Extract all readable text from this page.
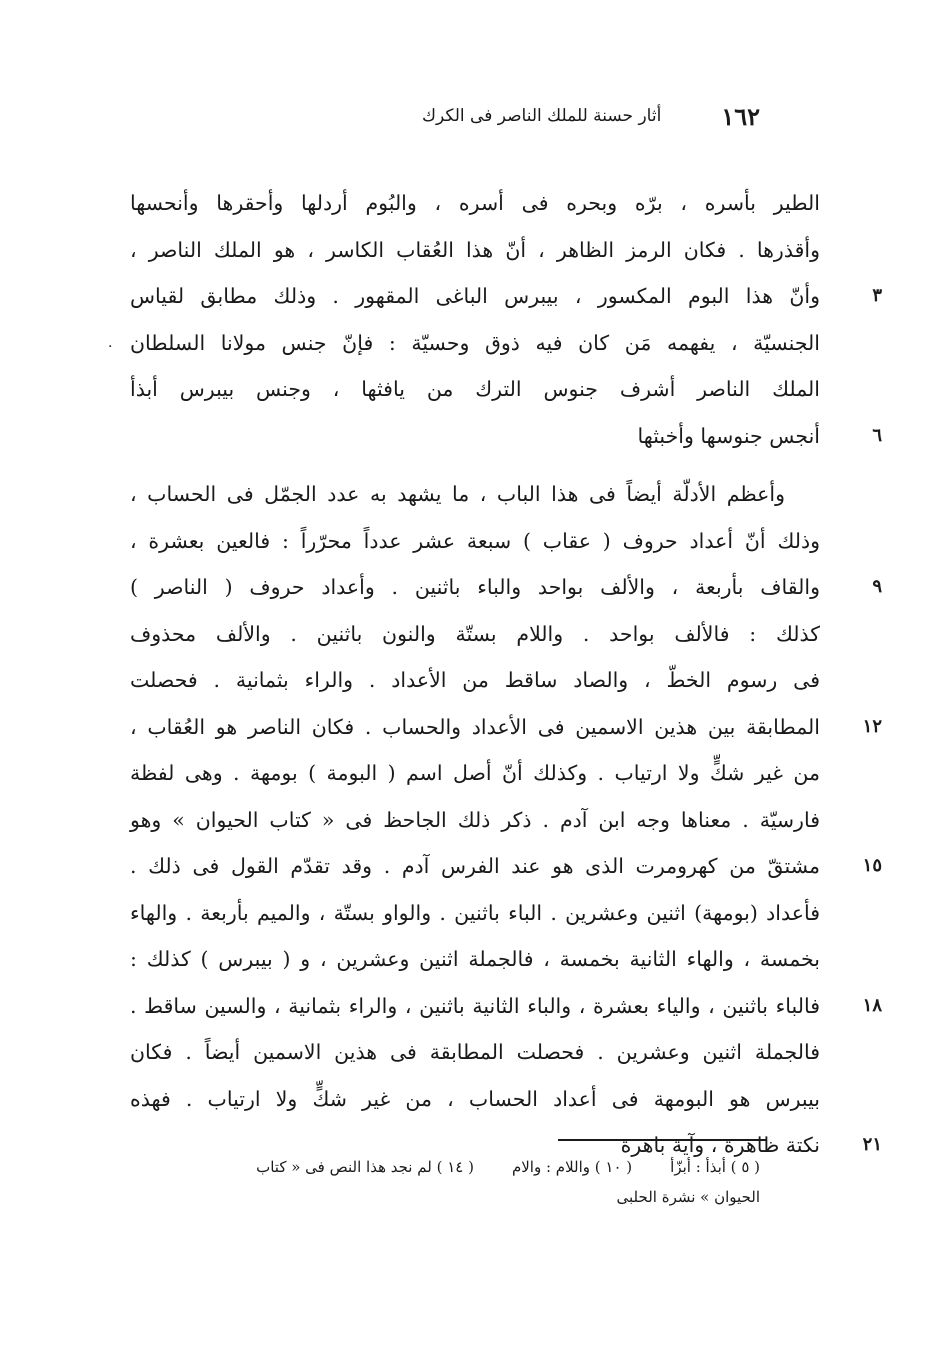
١٦٢
أثار حسنة للملك الناصر فى الكرك
الطير بأسره ، برّه وبحره فى أسره ، والبُوم أردلها وأحقرها وأنحسها
وأقذرها . فكان الرمز الظاهر ، أنّ هذا العُقاب الكاسر ، هو الملك الناصر ،
٣
وأنّ هذا البوم المكسور ، بيبرس الباغى المقهور . وذلك مطابق لقياس
الجنسيّة ، يفهمه مَن كان فيه ذوق وحسيّة : فإنّ جنس مولانا السلطان
.
الملك الناصر أشرف جنوس الترك من يافثها ، وجنس بيبرس أبذأ
٦
أنجس جنوسها وأخبثها
وأعظم الأدلّة أيضاً فى هذا الباب ، ما يشهد به عدد الجمّل فى الحساب ،
وذلك أنّ أعداد حروف ( عقاب ) سبعة عشر عدداً محرّراً : فالعين بعشرة ،
٩
والقاف بأربعة ، والألف بواحد والباء باثنين . وأعداد حروف ( الناصر )
كذلك : فالألف بواحد . واللام بستّة والنون باثنين . والألف محذوف
فى رسوم الخطّ ، والصاد ساقط من الأعداد . والراء بثمانية . فحصلت
١٢
المطابقة بين هذين الاسمين فى الأعداد والحساب . فكان الناصر هو العُقاب ،
من غير شكٍّ ولا ارتياب . وكذلك أنّ أصل اسم ( البومة ) بومهة . وهى لفظة
فارسيّة . معناها وجه ابن آدم . ذكر ذلك الجاحظ فى « كتاب الحيوان » وهو
١٥
مشتقّ من كهرومرت الذى هو عند الفرس آدم . وقد تقدّم القول فى ذلك .
فأعداد (بومهة) اثنين وعشرين . الباء باثنين . والواو بستّة ، والميم بأربعة . والهاء
بخمسة ، والهاء الثانية بخمسة ، فالجملة اثنين وعشرين ، و ( بيبرس ) كذلك :
١٨
فالباء باثنين ، والياء بعشرة ، والباء الثانية باثنين ، والراء بثمانية ، والسين ساقط .
فالجملة اثنين وعشرين . فحصلت المطابقة فى هذين الاسمين أيضاً . فكان
بيبرس هو البومهة فى أعداد الحساب ، من غير شكٍّ ولا ارتياب . فهذه
٢١
نكتة ظاهرة ، وآية باهرة
( ٥ ) أبذأ : أبزّأ
( ١٠ ) واللام : والام
( ١٤ ) لم نجد هذا النص فى « كتاب
الحيوان » نشرة الحلبى
